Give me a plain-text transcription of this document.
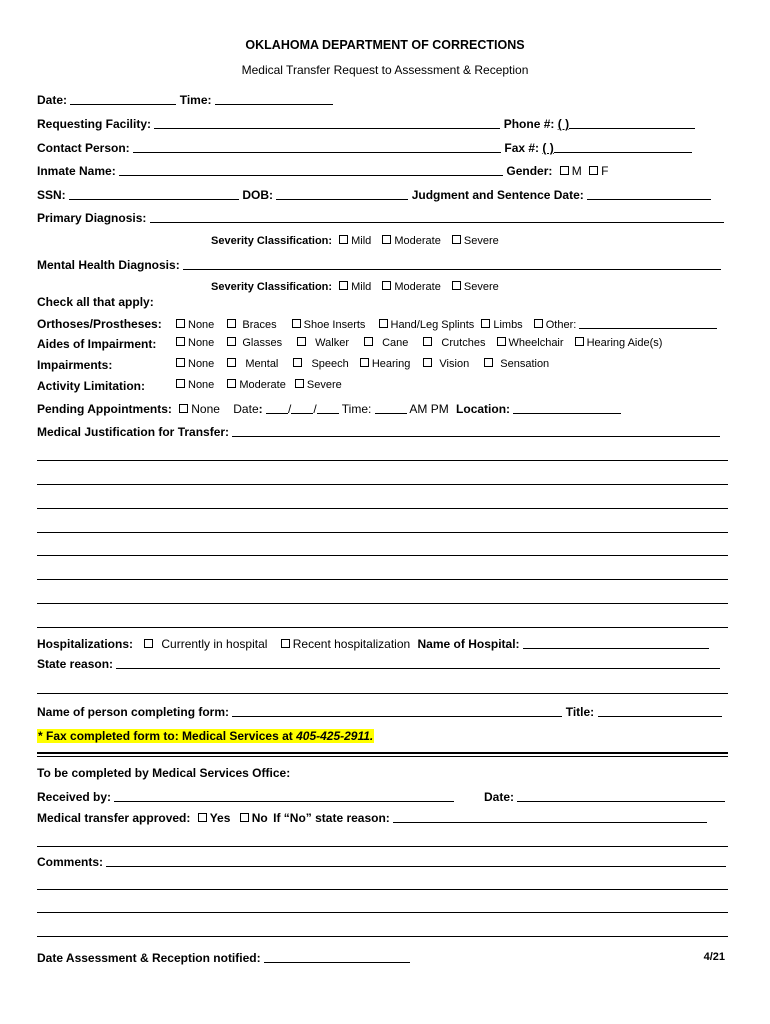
OKLAHOMA DEPARTMENT OF CORRECTIONS
Medical Transfer Request to Assessment & Reception
Date:	Time:
Requesting Facility:	Phone #: ( )
Contact Person:	Fax #: ( )
Inmate Name:	Gender: M F
SSN:	DOB:	Judgment and Sentence Date:
Primary Diagnosis:
Severity Classification: Mild Moderate Severe
Mental Health Diagnosis:
Severity Classification: Mild Moderate Severe
Check all that apply:
Orthoses/Prostheses:	None	Braces Shoe Inserts Hand/Leg Splints Limbs Other:
Aides of Impairment:	None	Glasses	Walker	Cane	Crutches Wheelchair Hearing Aide(s)
Impairments:	None	Mental	Speech Hearing	Vision	Sensation
Activity Limitation:	None Moderate Severe
Pending Appointments: None Date: / / Time:	AM PM Location:
Medical Justification for Transfer:
Hospitalizations: Currently in hospital Recent hospitalization Name of Hospital:
State reason:
Name of person completing form:	Title:
* Fax completed form to: Medical Services at 405-425-2911.
To be completed by Medical Services Office:
Received by:	Date:
Medical transfer approved: Yes No If “No” state reason:
Comments:
Date Assessment & Reception notified:	4/21
